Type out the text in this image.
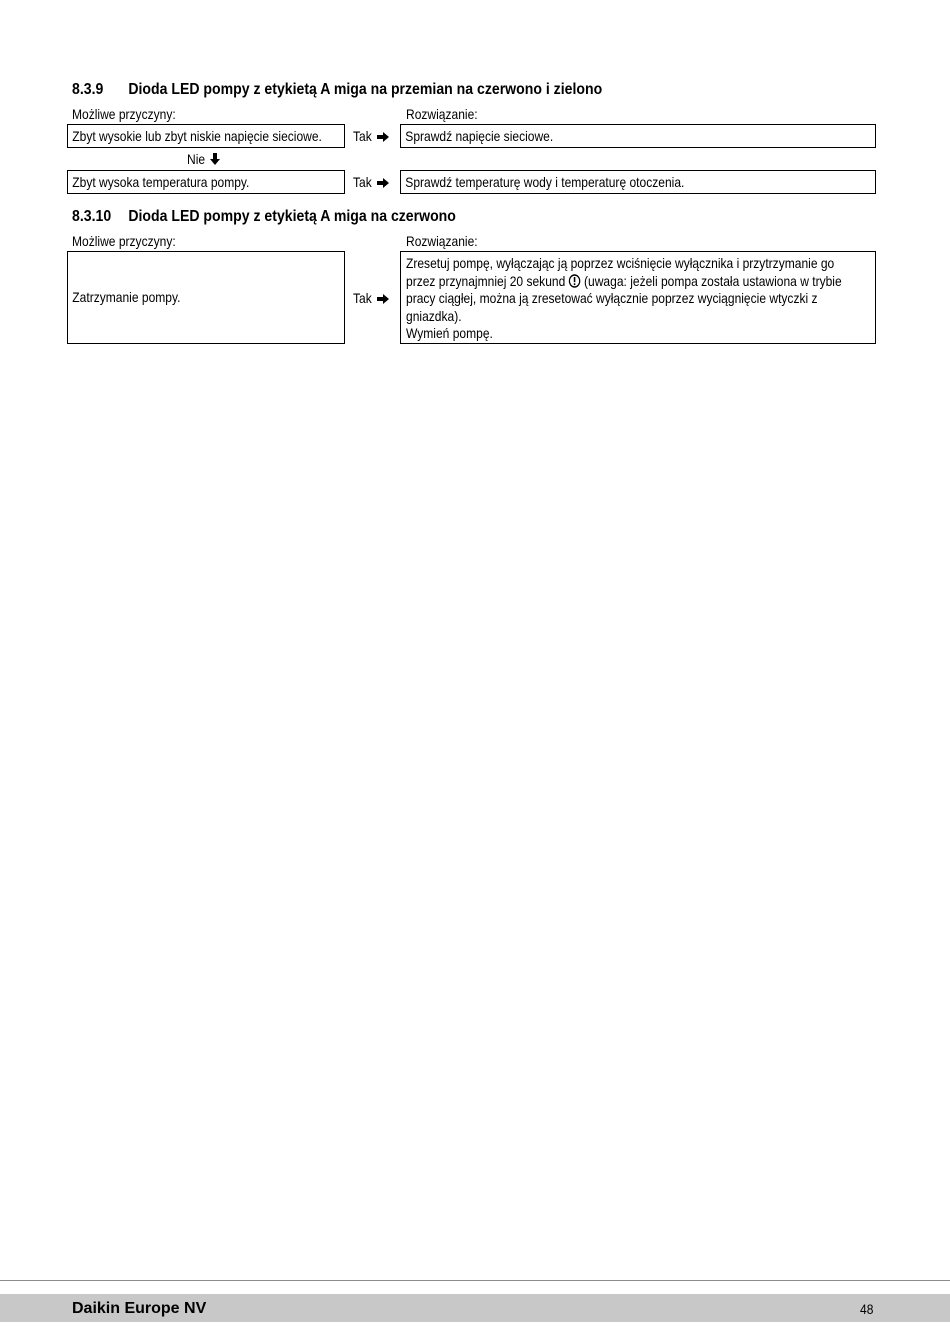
8.3.9 Dioda LED pompy z etykietą A miga na przemian na czerwono i zielono
Możliwe przyczyny:	Rozwiązanie:
Zbyt wysokie lub zbyt niskie napięcie sieciowe. Tak	Sprawdź napięcie sieciowe.
Nie
Zbyt wysoka temperatura pompy.	Tak	Sprawdź temperaturę wody i temperaturę otoczenia.
8.3.10 Dioda LED pompy z etykietą A miga na czerwono
Możliwe przyczyny:	Rozwiązanie:
Zatrzymanie pompy.	Tak
Zresetuj pompę, wyłączając ją poprzez wciśnięcie wyłącznika i przytrzymanie go
przez przynajmniej 20 sekund (uwaga: jeżeli pompa została ustawiona w trybie
pracy ciągłej, można ją zresetować wyłącznie poprzez wyciągnięcie wtyczki z
gniazdka).
Wymień pompę.
Daikin Europe NV	48
